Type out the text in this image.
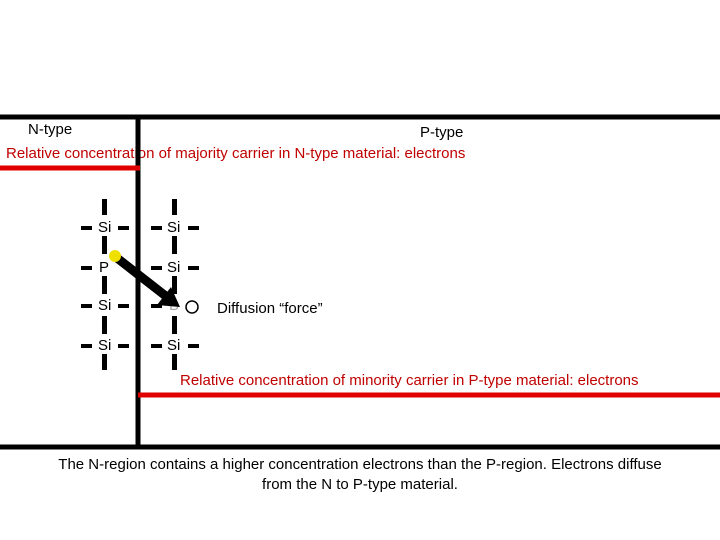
N-type	P-type
Relative concentration of majority carrier in N-type material: electrons
Si
P
Si
Si
Si
Si
B
Si
Diffusion “force”
Relative concentration of minority carrier in P-type material: electrons
The N-region contains a higher concentration electrons than the P-region. Electrons diffuse
from the N to P-type material.
